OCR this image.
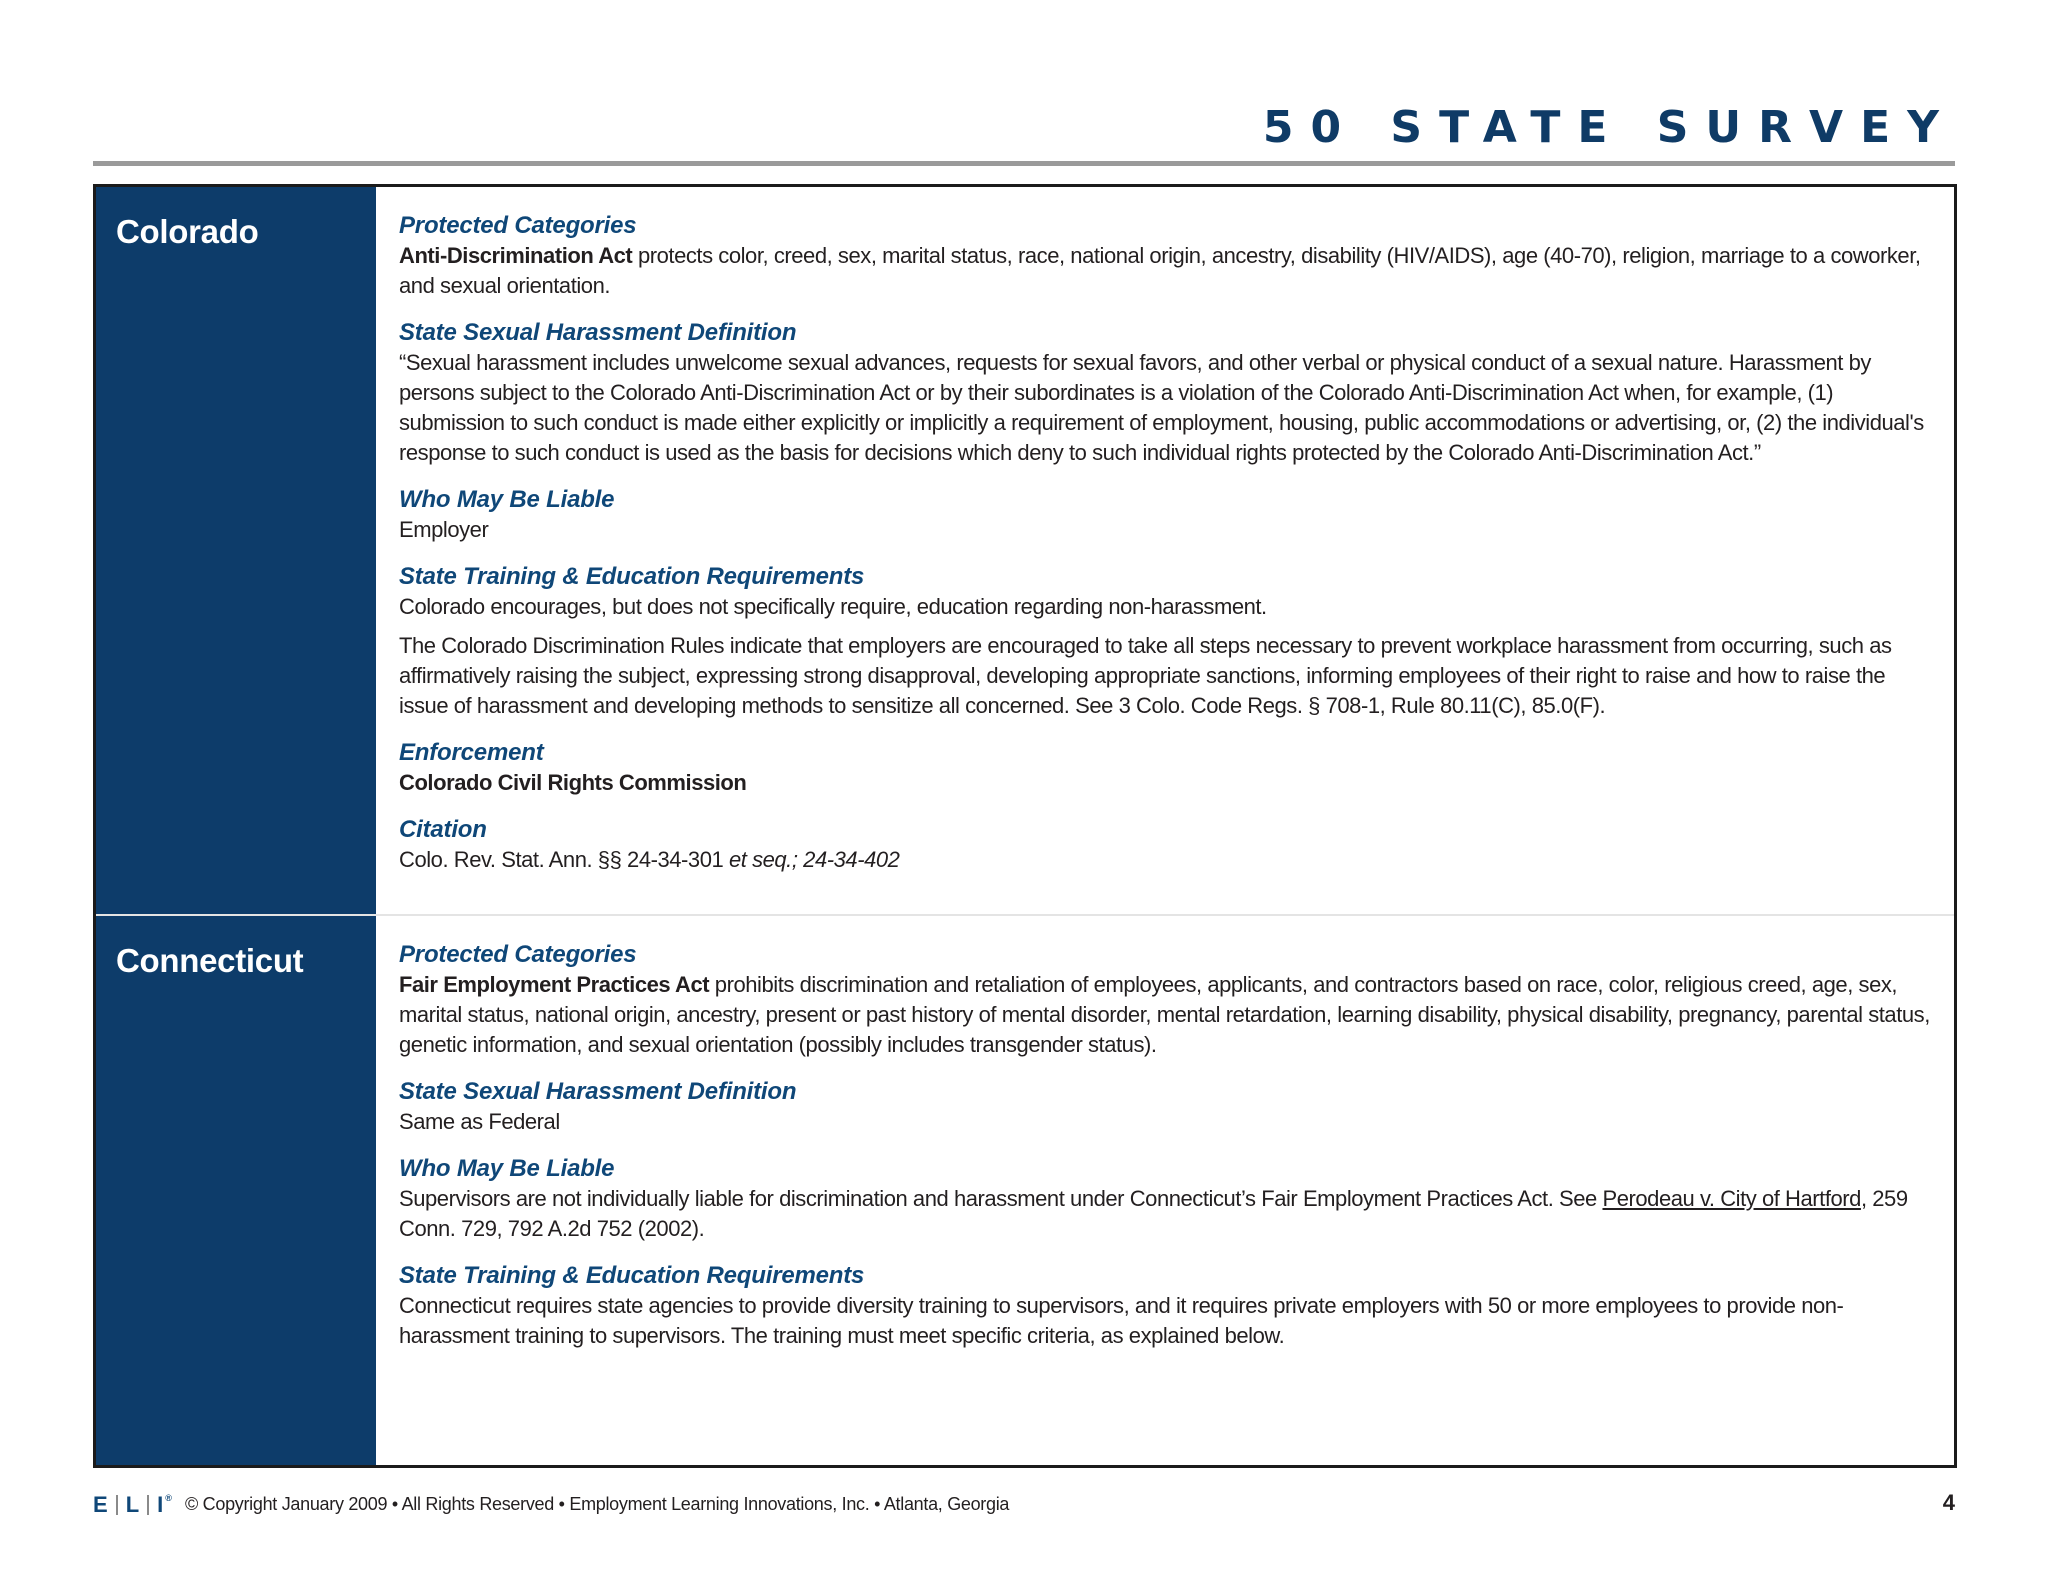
50 STATE SURVEY
Colorado	Protected Categories
Anti-Discrimination Act protects color, creed, sex, marital status, race, national origin, ancestry, disability (HIV/AIDS), age (40-70), religion, marriage to a coworker, and sexual orientation.
State Sexual Harassment Definition
“Sexual harassment includes unwelcome sexual advances, requests for sexual favors, and other verbal or physical conduct of a sexual nature. Harassment by persons subject to the Colorado Anti-Discrimination Act or by their subordinates is a violation of the Colorado Anti-Discrimination Act when, for example, (1) submission to such conduct is made either explicitly or implicitly a requirement of employment, housing, public accommodations or advertising, or, (2) the individual's response to such conduct is used as the basis for decisions which deny to such individual rights protected by the Colorado Anti-Discrimination Act.”
Who May Be Liable
Employer
State Training & Education Requirements

Colorado encourages, but does not specifically require, education regarding non-harassment.

The Colorado Discrimination Rules indicate that employers are encouraged to take all steps necessary to prevent workplace harassment from occurring, such as affirmatively raising the subject, expressing strong disapproval, developing appropriate sanctions, informing employees of their right to raise and how to raise the issue of harassment and developing methods to sensitize all concerned. See 3 Colo. Code Regs. § 708-1, Rule 80.11(C), 85.0(F).

Enforcement
Colorado Civil Rights Commission
Citation
Colo. Rev. Stat. Ann. §§ 24-34-301 et seq.; 24-34-402
Connecticut	Protected Categories
Fair Employment Practices Act prohibits discrimination and retaliation of employees, applicants, and contractors based on race, color, religious creed, age, sex, marital status, national origin, ancestry, present or past history of mental disorder, mental retardation, learning disability, physical disability, pregnancy, parental status, genetic information, and sexual orientation (possibly includes transgender status).
State Sexual Harassment Definition
Same as Federal
Who May Be Liable
Supervisors are not individually liable for discrimination and harassment under Connecticut’s Fair Employment Practices Act. See Perodeau v. City of Hartford, 259 Conn. 729, 792 A.2d 752 (2002).
State Training & Education Requirements
Connecticut requires state agencies to provide diversity training to supervisors, and it requires private employers with 50 or more employees to provide non-harassment training to supervisors. The training must meet specific criteria, as explained below.
E L I ® © Copyright January 2009 • All Rights Reserved • Employment Learning Innovations, Inc. • Atlanta, Georgia	4
